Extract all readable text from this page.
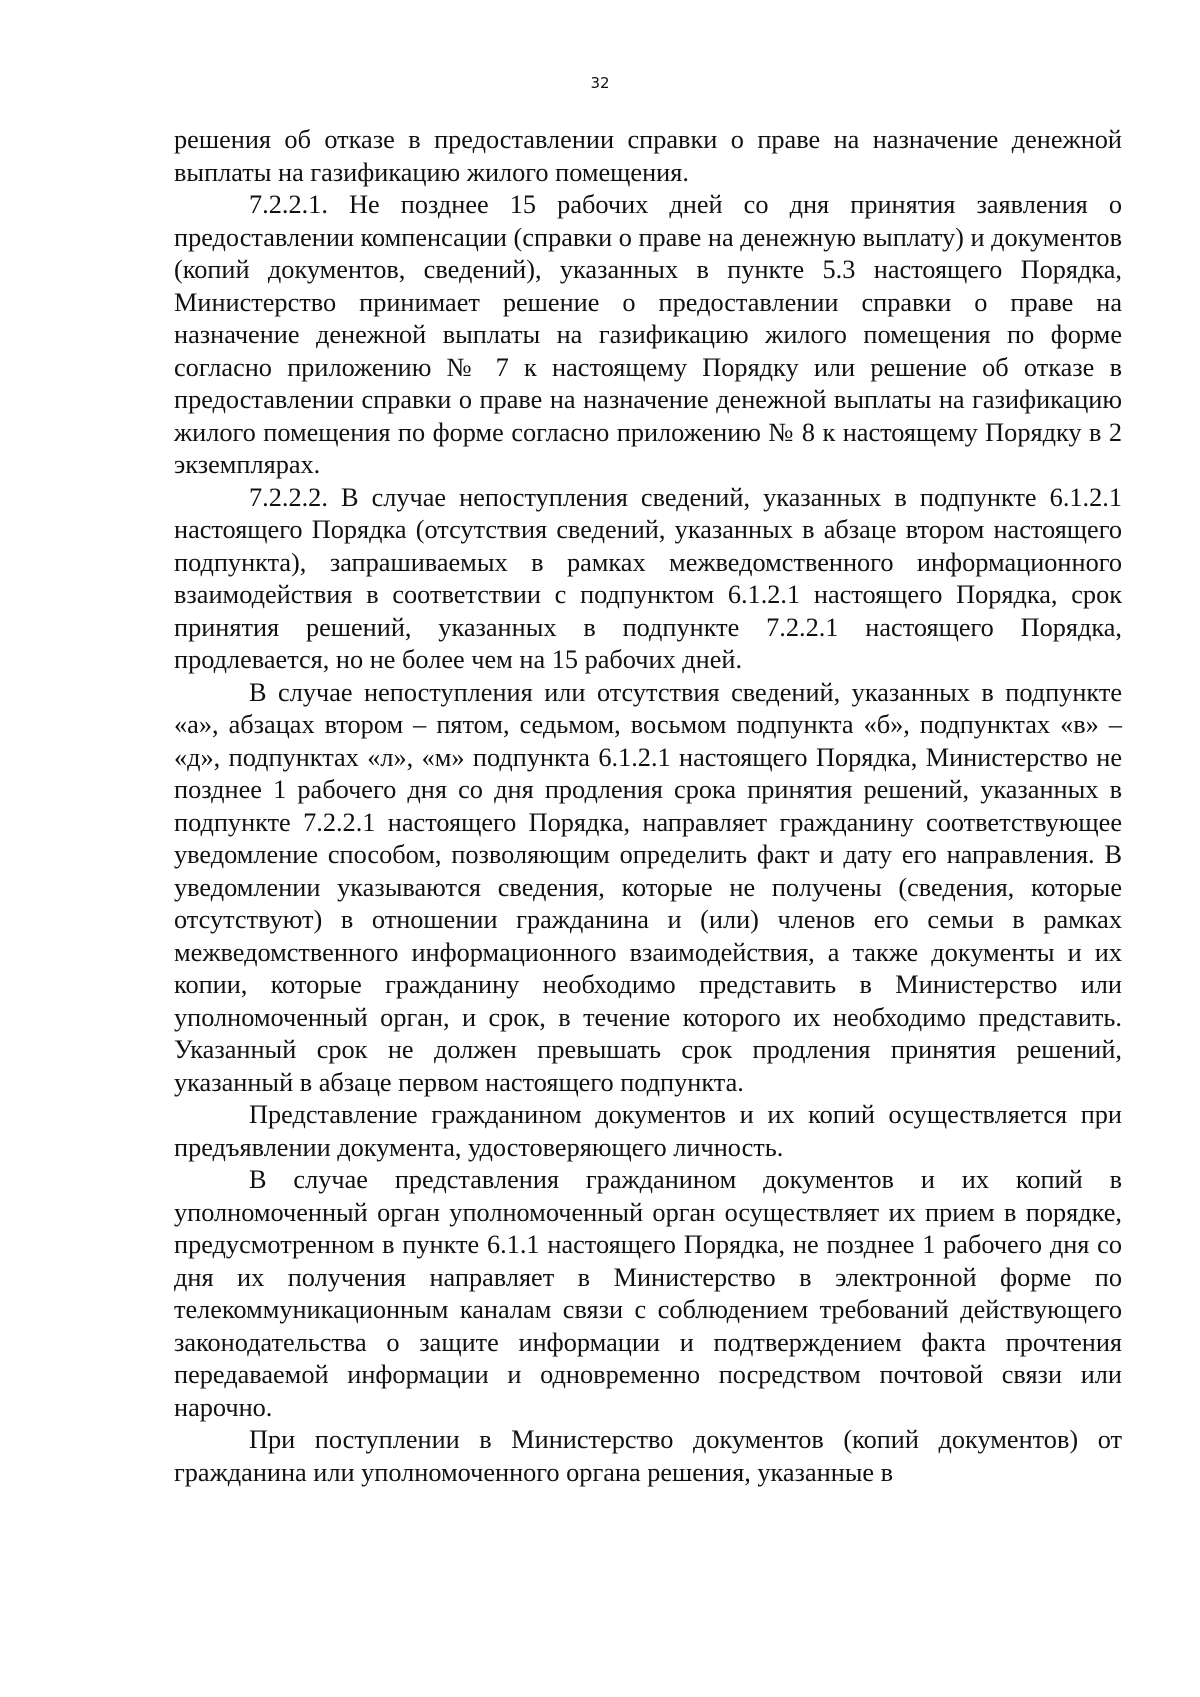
32

решения об отказе в предоставлении справки о праве на назначение денежной выплаты на газификацию жилого помещения.

7.2.2.1. Не позднее 15 рабочих дней со дня принятия заявления о предоставлении компенсации (справки о праве на денежную выплату) и документов (копий документов, сведений), указанных в пункте 5.3 настоящего Порядка, Министерство принимает решение о предоставлении справки о праве на назначение денежной выплаты на газификацию жилого помещения по форме согласно приложению № 7 к настоящему Порядку или решение об отказе в предоставлении справки о праве на назначение денежной выплаты на газификацию жилого помещения по форме согласно приложению № 8 к настоящему Порядку в 2 экземплярах.

7.2.2.2. В случае непоступления сведений, указанных в подпункте 6.1.2.1 настоящего Порядка (отсутствия сведений, указанных в абзаце втором настоящего подпункта), запрашиваемых в рамках межведомственного информационного взаимодействия в соответствии с подпунктом 6.1.2.1 настоящего Порядка, срок принятия решений, указанных в подпункте 7.2.2.1 настоящего Порядка, продлевается, но не более чем на 15 рабочих дней.

В случае непоступления или отсутствия сведений, указанных в подпункте «а», абзацах втором – пятом, седьмом, восьмом подпункта «б», подпунктах «в» – «д», подпунктах «л», «м» подпункта 6.1.2.1 настоящего Порядка, Министерство не позднее 1 рабочего дня со дня продления срока принятия решений, указанных в подпункте 7.2.2.1 настоящего Порядка, направляет гражданину соответствующее уведомление способом, позволяющим определить факт и дату его направления. В уведомлении указываются сведения, которые не получены (сведения, которые отсутствуют) в отношении гражданина и (или) членов его семьи в рамках межведомственного информационного взаимодействия, а также документы и их копии, которые гражданину необходимо представить в Министерство или уполномоченный орган, и срок, в течение которого их необходимо представить. Указанный срок не должен превышать срок продления принятия решений, указанный в абзаце первом настоящего подпункта.

Представление гражданином документов и их копий осуществляется при предъявлении документа, удостоверяющего личность.

В случае представления гражданином документов и их копий в уполномоченный орган уполномоченный орган осуществляет их прием в порядке, предусмотренном в пункте 6.1.1 настоящего Порядка, не позднее 1 рабочего дня со дня их получения направляет в Министерство в электронной форме по телекоммуникационным каналам связи с соблюдением требований действующего законодательства о защите информации и подтверждением факта прочтения передаваемой информации и одновременно посредством почтовой связи или нарочно.

При поступлении в Министерство документов (копий документов) от гражданина или уполномоченного органа решения, указанные в
